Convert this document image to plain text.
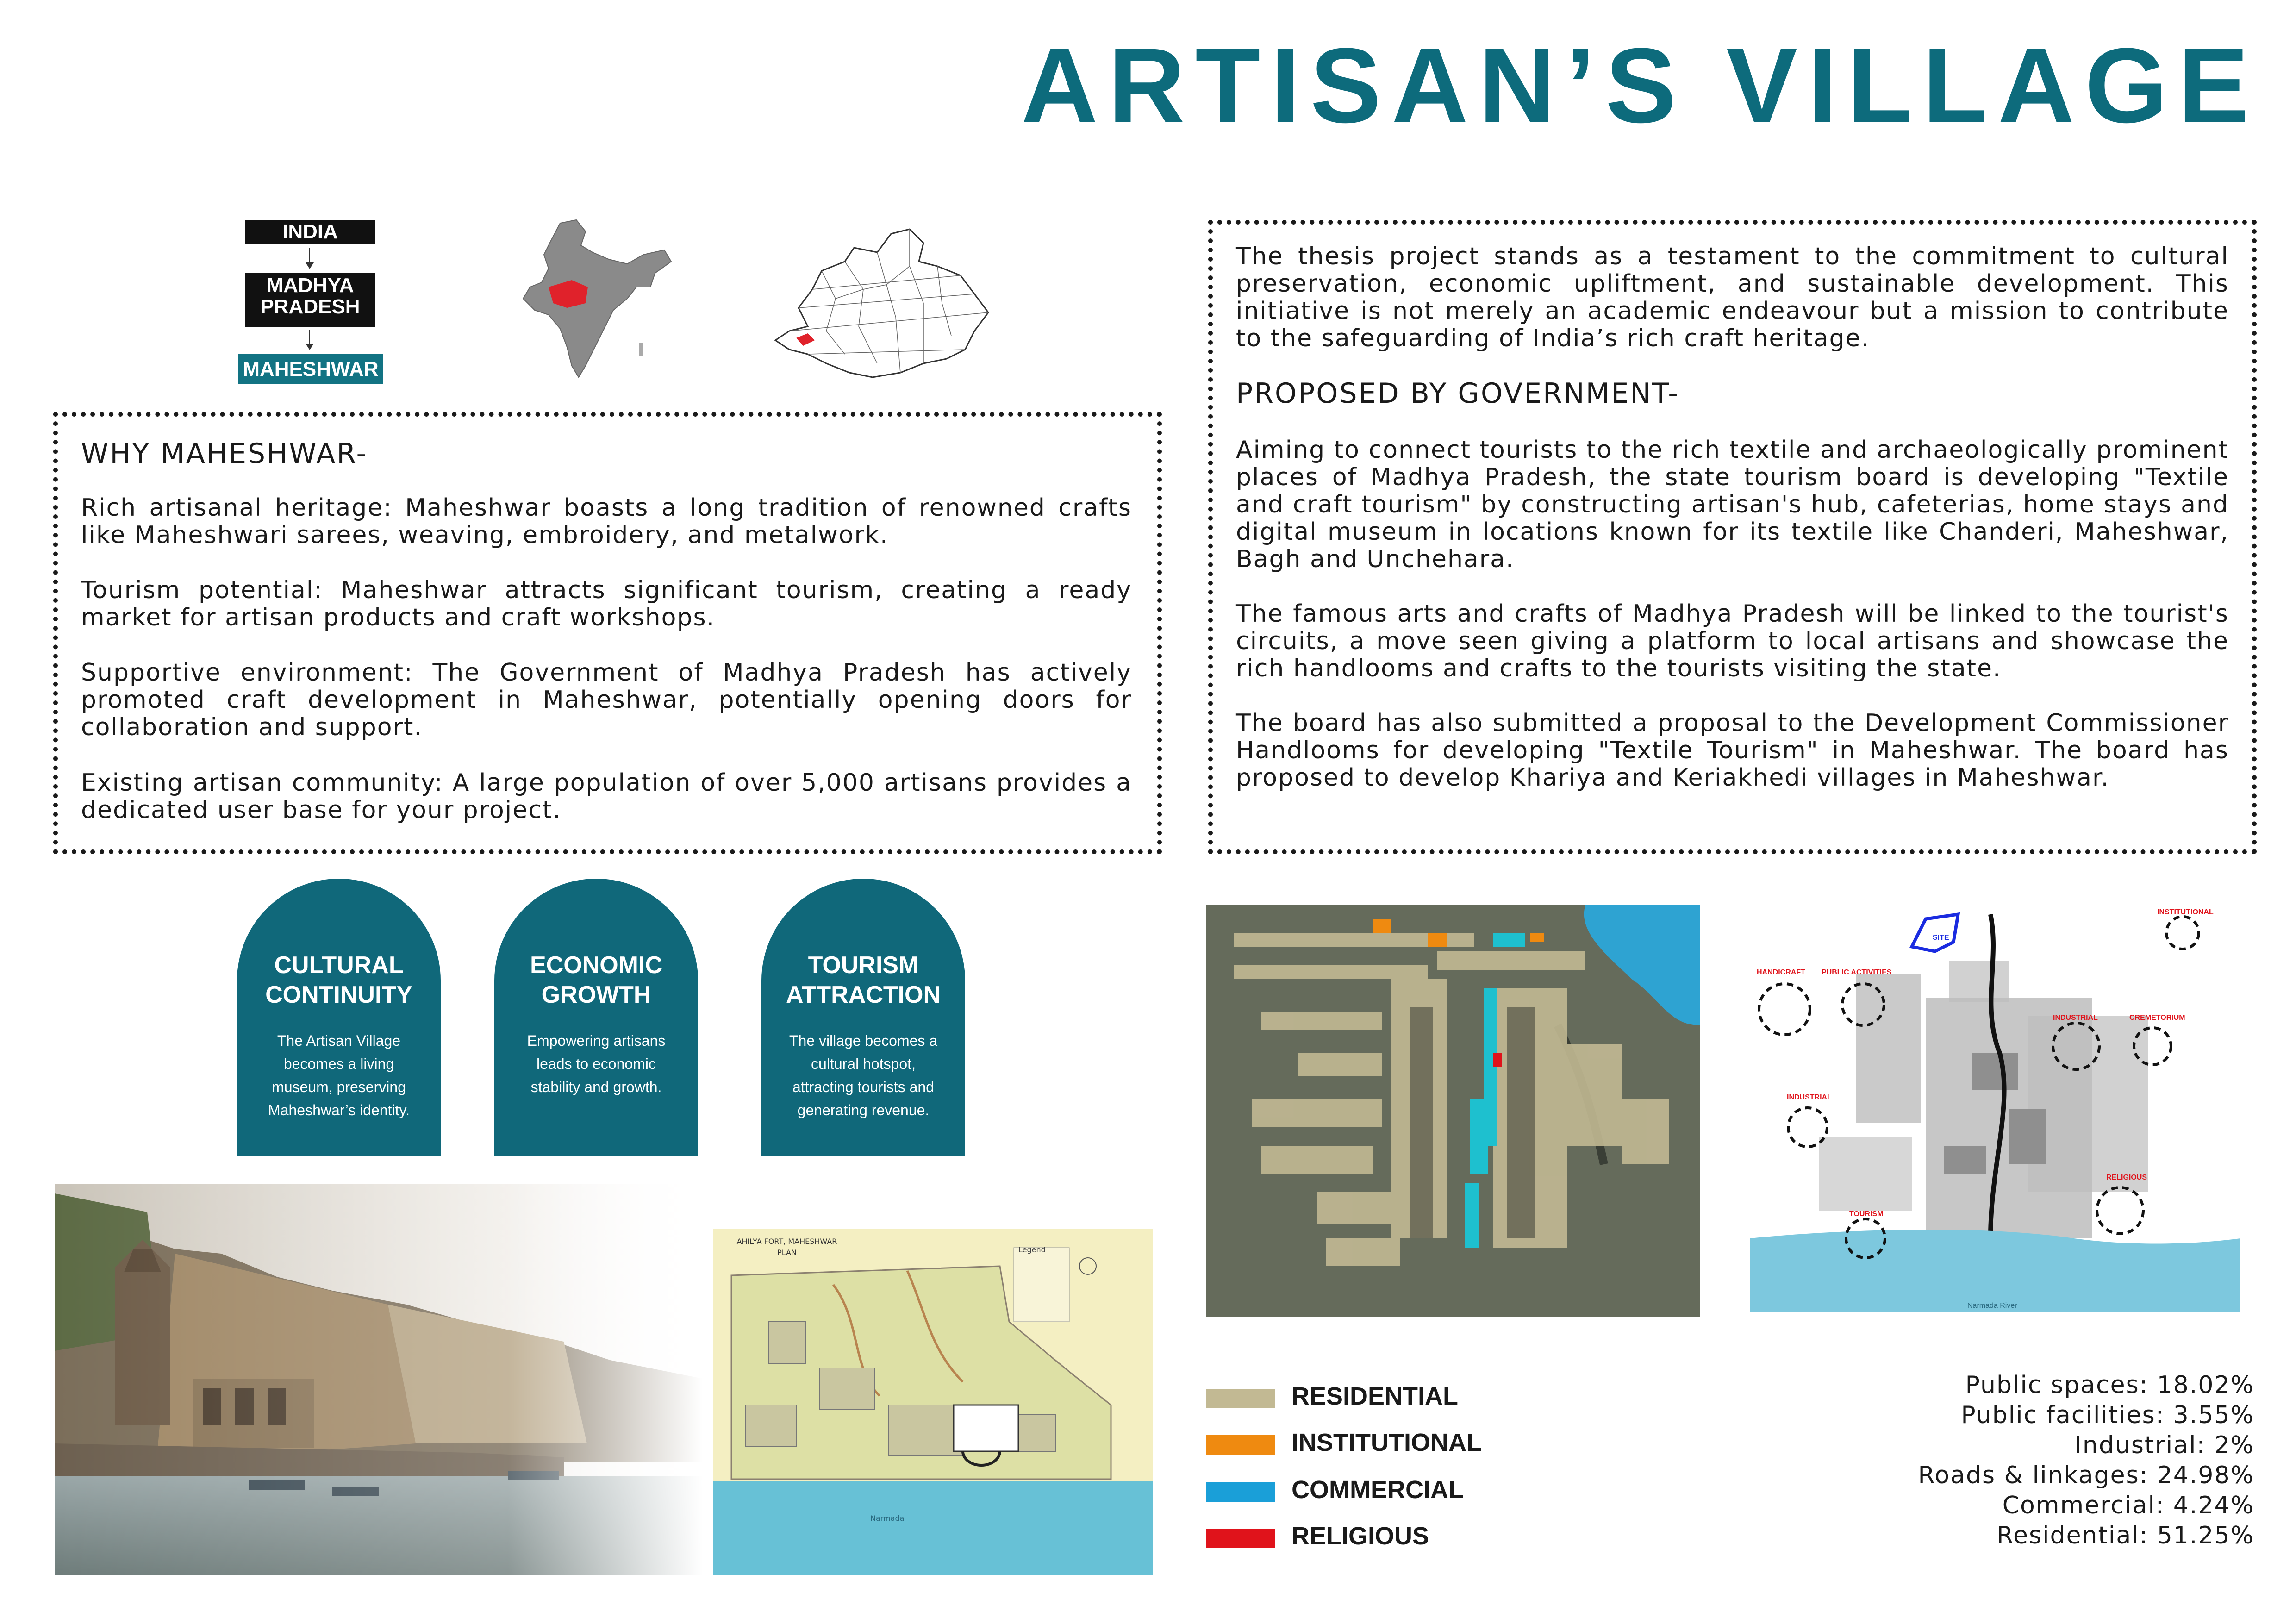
ARTISAN’S VILLAGE
INDIA
MADHYA PRADESH
MAHESHWAR
WHY MAHESHWAR-
Rich artisanal heritage: Maheshwar boasts a long tradition of renowned crafts like Maheshwari sarees, weaving, embroidery, and metalwork.
Tourism potential: Maheshwar attracts significant tourism, creating a ready market for artisan products and craft workshops.
Supportive environment: The Government of Madhya Pradesh has actively promoted craft development in Maheshwar, potentially opening doors for collaboration and support.
Existing artisan community: A large population of over 5,000 artisans provides a dedicated user base for your project.
The thesis project stands as a testament to the commitment to cultural preservation, economic upliftment, and sustainable development. This initiative is not merely an academic endeavour but a mission to contribute to the safeguarding of India’s rich craft heritage.
PROPOSED BY GOVERNMENT-
Aiming to connect tourists to the rich textile and archaeologically prominent places of Madhya Pradesh, the state tourism board is developing "Textile and craft tourism" by constructing artisan's hub, cafeterias, home stays and digital museum in locations known for its textile like Chanderi, Maheshwar, Bagh and Unchehara.
The famous arts and crafts of Madhya Pradesh will be linked to the tourist's circuits, a move seen giving a platform to local artisans and showcase the rich handlooms and crafts to the tourists visiting the state.
The board has also submitted a proposal to the Development Commissioner Handlooms for developing "Textile Tourism" in Maheshwar. The board has proposed to develop Khariya and Keriakhedi villages in Maheshwar.
CULTURAL CONTINUITY
The Artisan Village becomes a living museum, preserving Maheshwar’s identity.
ECONOMIC GROWTH
Empowering artisans leads to economic stability and growth.
TOURISM ATTRACTION
The village becomes a cultural hotspot, attracting tourists and generating revenue.
AHILYA FORT, MAHESHWAR PLAN	Legend
Narmada
SITE
INSTITUTIONAL
HANDICRAFT PUBLIC ACTIVITIES
INDUSTRIAL	CREMETORIUM
INDUSTRIAL
RELIGIOUS
TOURISM
Narmada River
RESIDENTIAL
INSTITUTIONAL
COMMERCIAL
RELIGIOUS
Public spaces: 18.02%
Public facilities: 3.55%
Industrial: 2%
Roads & linkages: 24.98%
Commercial: 4.24%
Residential: 51.25%
